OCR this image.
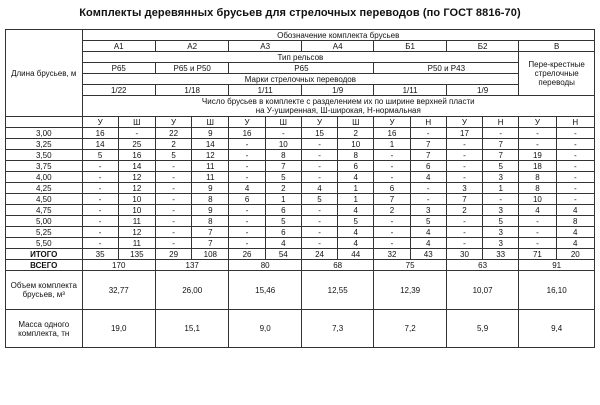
Комплекты деревянных брусьев для стрелочных переводов (по ГОСТ 8816-70)
Длина брусьев, м	Обозначение комплекта брусьев													
	А1		А2		А3		А4		Б1		Б2		В	
	Тип рельсов												Пере-крестные стрелочные переводы	
	Р65		Р65 и Р50		Р65				Р50 и Р43					
	Марки стрелочных переводов													
	1/22		1/18		1/11		1/9		1/11		1/9			

	Число брусьев в комплекте с разделением их по ширине верхней пласти
на У-уширенная, Ш-широкая, Н-нормальная													

	У	Ш	У	Ш	У	Ш	У	Ш	У	Н	У	Н	У	Н
3,00	16	-	22	9	16	-	15	2	16	-	17	-	-	-
3,25	14	25	2	14	-	10	-	10	1	7	-	7	-	-
3,50	5	16	5	12	-	8	-	8	-	7	-	7	19	-
3,75	-	14	-	11	-	7	-	6	-	6	-	5	18	-
4,00	-	12	-	11	-	5	-	4	-	4	-	3	8	-
4,25	-	12	-	9	4	2	4	1	6	-	3	1	8	-
4,50	-	10	-	8	6	1	5	1	7	-	7	-	10	-
4,75	-	10	-	9	-	6	-	4	2	3	2	3	4	4
5,00	-	11	-	8	-	5	-	5	-	5	-	5	-	8
5,25	-	12	-	7	-	6	-	4	-	4	-	3	-	4
5,50	-	11	-	7	-	4	-	4	-	4	-	3	-	4
ИТОГО	35	135	29	108	26	54	24	44	32	43	30	33	71	20
ВСЕГО	170		137		80		68		75		63		91	
Объем комплекта брусьев, м³	32,77		26,00		15,46		12,55		12,39		10,07		16,10	
Масса одного комплекта, тн	19,0		15,1		9,0		7,3		7,2		5,9		9,4	
